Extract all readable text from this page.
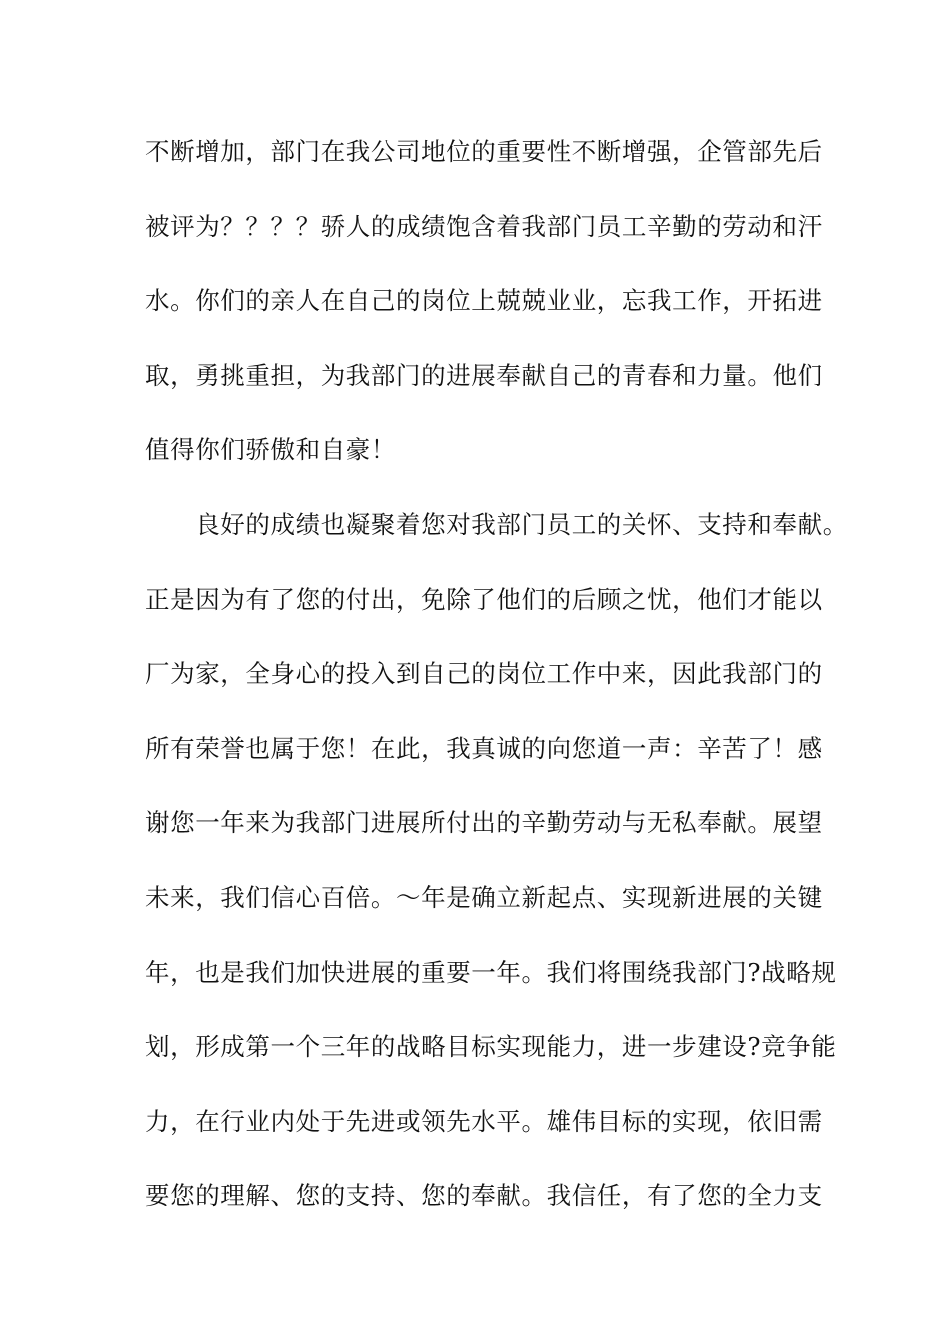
不断增加，部门在我公司地位的重要性不断增强，企管部先后
被评为？？？？骄人的成绩饱含着我部门员工辛勤的劳动和汗
水。你们的亲人在自己的岗位上兢兢业业，忘我工作，开拓进
取，勇挑重担，为我部门的进展奉献自己的青春和力量。他们
值得你们骄傲和自豪！
　　良好的成绩也凝聚着您对我部门员工的关怀、支持和奉献。
正是因为有了您的付出，免除了他们的后顾之忧，他们才能以
厂为家，全身心的投入到自己的岗位工作中来，因此我部门的
所有荣誉也属于您！在此，我真诚的向您道一声：辛苦了！感
谢您一年来为我部门进展所付出的辛勤劳动与无私奉献。展望
未来，我们信心百倍。～年是确立新起点、实现新进展的关键
年，也是我们加快进展的重要一年。我们将围绕我部门?战略规
划，形成第一个三年的战略目标实现能力，进一步建设?竞争能
力，在行业内处于先进或领先水平。雄伟目标的实现，依旧需
要您的理解、您的支持、您的奉献。我信任，有了您的全力支
